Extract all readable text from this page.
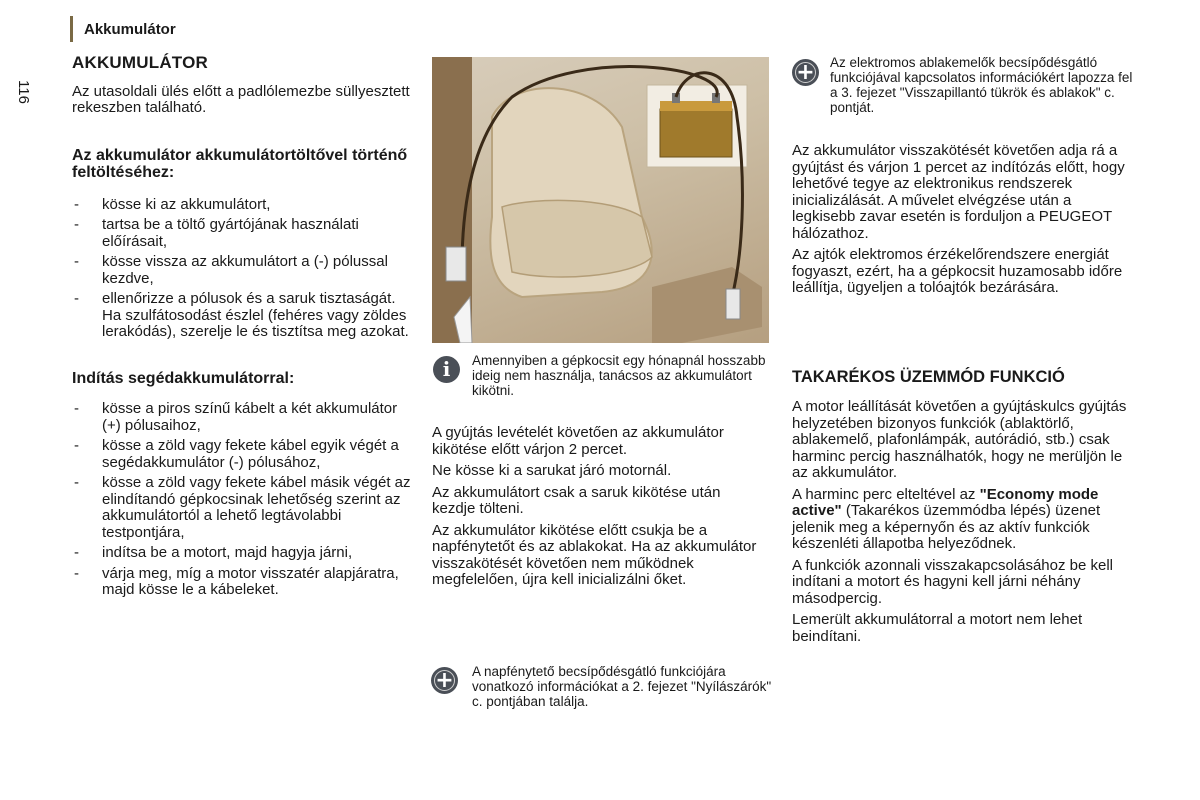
Akkumulátor
116
AKKUMULÁTOR

Az utasoldali ülés előtt a padlólemezbe süllyesztett rekeszben található.

Az akkumulátor akkumulátortöltővel történő feltöltéséhez:
- kösse ki az akkumulátort,
- tartsa be a töltő gyártójának használati előírásait,
- kösse vissza az akkumulátort a (-) pólussal kezdve,
- ellenőrizze a pólusok és a saruk tisztaságát. Ha szulfátosodást észlel (fehéres vagy zöldes lerakódás), szerelje le és tisztítsa meg azokat.
Indítás segédakkumulátorral:
- kösse a piros színű kábelt a két akkumulátor (+) pólusaihoz,
- kösse a zöld vagy fekete kábel egyik végét a segédakkumulátor (-) pólusához,
- kösse a zöld vagy fekete kábel másik végét az elindítandó gépkocsinak lehetőség szerint az akkumulátortól a lehető legtávolabbi testpontjára,
- indítsa be a motort, majd hagyja járni,
- várja meg, míg a motor visszatér alapjáratra, majd kösse le a kábeleket.
i	Amennyiben a gépkocsit egy hónapnál hosszabb ideig nem használja, tanácsos az akkumulátort kikötni.

A gyújtás levételét követően az akkumulátor kikötése előtt várjon 2 percet.

Ne kösse ki a sarukat járó motornál.

Az akkumulátort csak a saruk kikötése után kezdje tölteni.

Az akkumulátor kikötése előtt csukja be a napfénytetőt és az ablakokat. Ha az akkumulátor visszakötését követően nem működnek megfelelően, újra kell inicializálni őket.

+	A napfénytető becsípődésgátló funkciójára vonatkozó információkat a 2. fejezet "Nyílászárók" c. pontjában találja.
+	Az elektromos ablakemelők becsípődésgátló funkciójával kapcsolatos információkért lapozza fel a 3. fejezet "Visszapillantó tükrök és ablakok" c. pontját.

Az akkumulátor visszakötését követően adja rá a gyújtást és várjon 1 percet az indítózás előtt, hogy lehetővé tegye az elektronikus rendszerek inicializálását. A művelet elvégzése után a legkisebb zavar esetén is forduljon a PEUGEOT hálózathoz.

Az ajtók elektromos érzékelőrendszere energiát fogyaszt, ezért, ha a gépkocsit huzamosabb időre leállítja, ügyeljen a tolóajtók bezárására.

TAKARÉKOS ÜZEMMÓD FUNKCIÓ

A motor leállítását követően a gyújtáskulcs gyújtás helyzetében bizonyos funkciók (ablaktörlő, ablakemelő, plafonlámpák, autórádió, stb.) csak harminc percig használhatók, hogy ne merüljön le az akkumulátor.

A harminc perc elteltével az "Economy mode active" (Takarékos üzemmódba lépés) üzenet jelenik meg a képernyőn és az aktív funkciók készenléti állapotba helyeződnek.

A funkciók azonnali visszakapcsolásához be kell indítani a motort és hagyni kell járni néhány másodpercig.

Lemerült akkumulátorral a motort nem lehet beindítani.
